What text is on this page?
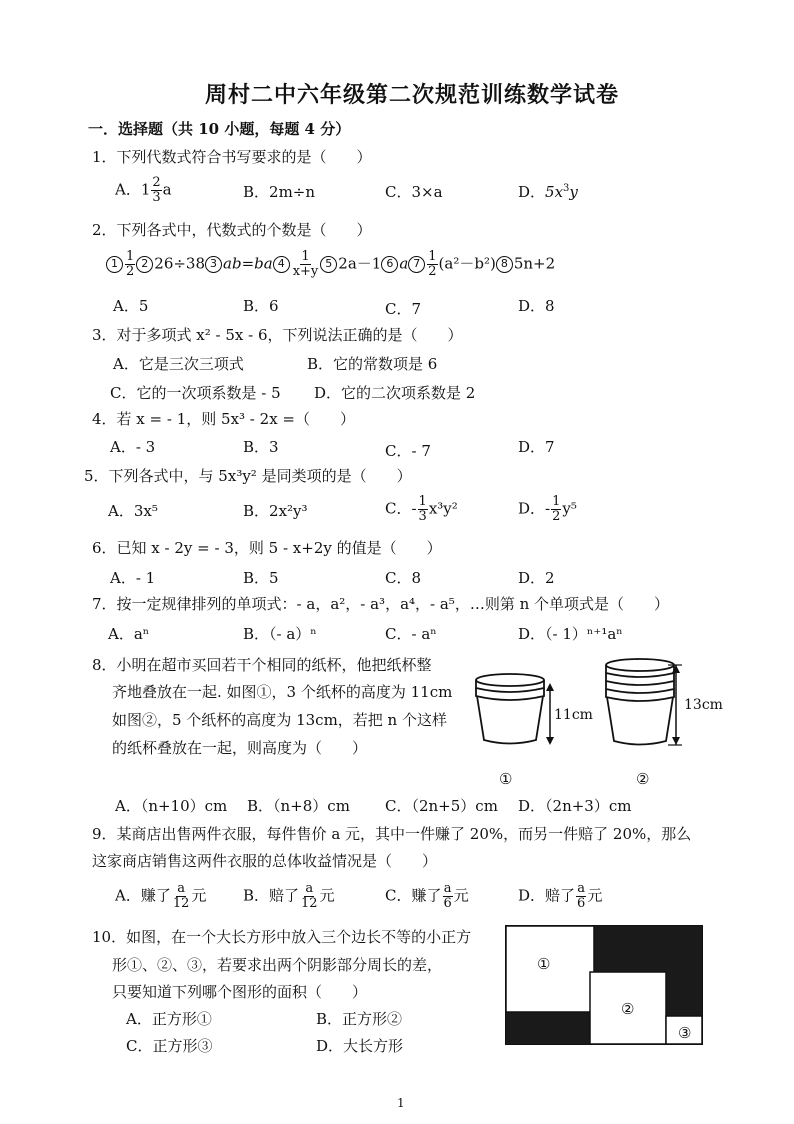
周村二中六年级第二次规范训练数学试卷
一．选择题（共 10 小题，每题 4 分）
1．下列代数式符合书写要求的是（　　）
A．$1 \frac{2}{3}$ a	B．2m÷n	C．3×a	D．$5x^3y$
2．下列各式中，代数式的个数是（　　）
$1 \frac{1}{2} 2$ 26÷38 3 ab=ba $4 \frac{1}{x+y} 5$ 2a－1 6 a $7 \frac{1}{2} (a^2-b^2)$ 8 5n+2
A．5	B．6	C．7	D．8
3．对于多项式 x² - 5x - 6，下列说法正确的是（　　）
A．它是三次三项式	B．它的常数项是 6
C．它的一次项系数是 - 5 D．它的二次项系数是 2
4．若 x = - 1，则 5x³ - 2x =（　　）
A．- 3	B．3	C．- 7	D．7
5．下列各式中，与 5x³y² 是同类项的是（　　）
A．3x⁵	B．2x²y³	C．- $\frac{1}{3} x^3y^2$	D．- $\frac{1}{2} y^5$
6．已知 x - 2y = - 3，则 5 - x+2y 的值是（　　）
A．- 1	B．5	C．8	D．2
7．按一定规律排列的单项式：- a，a²，- a³，a⁴，- a⁵，…则第 n 个单项式是（　　）
A．aⁿ	B．（- a）ⁿ	C．- aⁿ	D．（- 1）ⁿ⁺¹aⁿ
8．小明在超市买回若干个相同的纸杯，他把纸杯整
齐地叠放在一起. 如图①，3 个纸杯的高度为 11cm
如图②，5 个纸杯的高度为 13cm，若把 n 个这样
的纸杯叠放在一起，则高度为（　　）
11cm
13cm
①	②
A．（n+10）cm B．（n+8）cm C．（2n+5）cm D．（2n+3）cm
9．某商店出售两件衣服，每件售价 a 元，其中一件赚了 20%，而另一件赔了 20%，那么
这家商店销售这两件衣服的总体收益情况是（　　）
A．赚了 $\frac{a}{12}$ 元 B．赔了 $\frac{a}{12}$ 元	C．赚了 $\frac{a}{6}$ 元	D．赔了 $\frac{a}{6}$ 元
10．如图，在一个大长方形中放入三个边长不等的小正方
形①、②、③，若要求出两个阴影部分周长的差，
只要知道下列哪个图形的面积（　　）
A．正方形①	B．正方形②
C．正方形③	D．大长方形
①
②
③
1
